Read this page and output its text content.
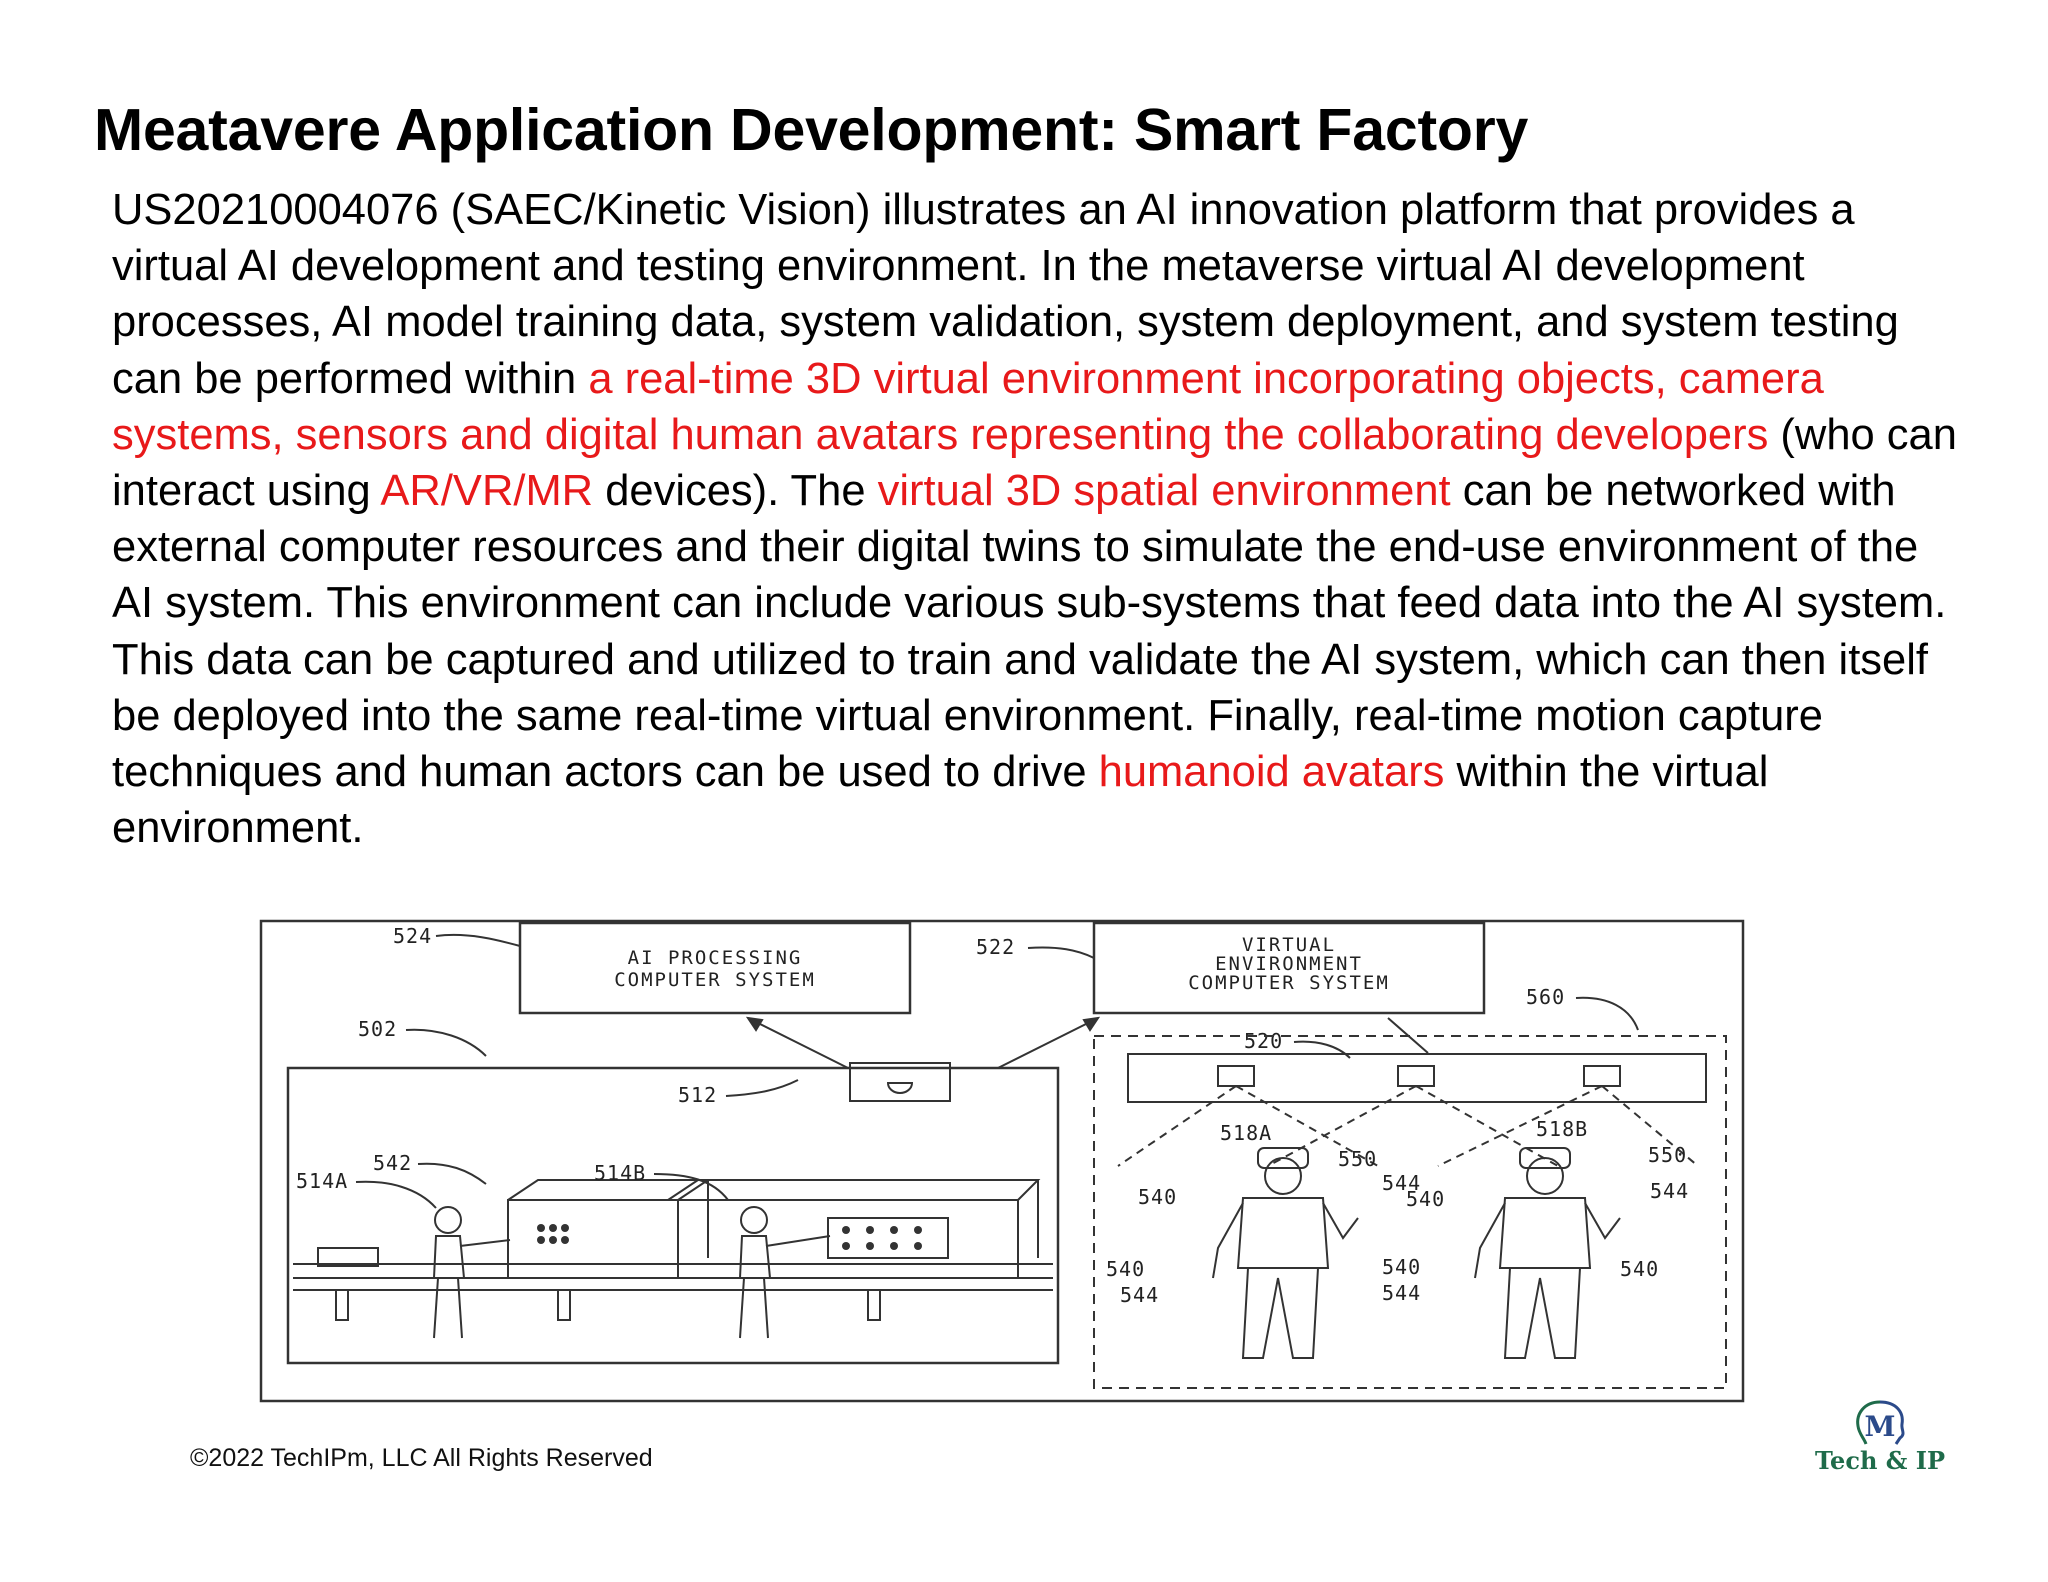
Meatavere Application Development: Smart Factory

US20210004076 (SAEC/Kinetic Vision) illustrates an AI innovation platform that provides a virtual AI development and testing environment. In the metaverse virtual AI development processes, AI model training data, system validation, system deployment, and system testing can be performed within a real-time 3D virtual environment incorporating objects, camera systems, sensors and digital human avatars representing the collaborating developers (who can interact using AR/VR/MR devices). The virtual 3D spatial environment can be networked with external computer resources and their digital twins to simulate the end-use environment of the AI system. This environment can include various sub-systems that feed data into the AI system. This data can be captured and utilized to train and validate the AI system, which can then itself be deployed into the same real-time virtual environment. Finally, real-time motion capture techniques and human actors can be used to drive humanoid avatars within the virtual environment.

AI PROCESSING
COMPUTER SYSTEM
VIRTUAL
ENVIRONMENT
COMPUTER SYSTEM
524	522
560
502	520
512
542
514A	514B
518A	518B
550	550
540
544
540	544
540	540
544	544
540
©2022 TechIPm, LLC All Rights Reserved
M
Tech & IP
